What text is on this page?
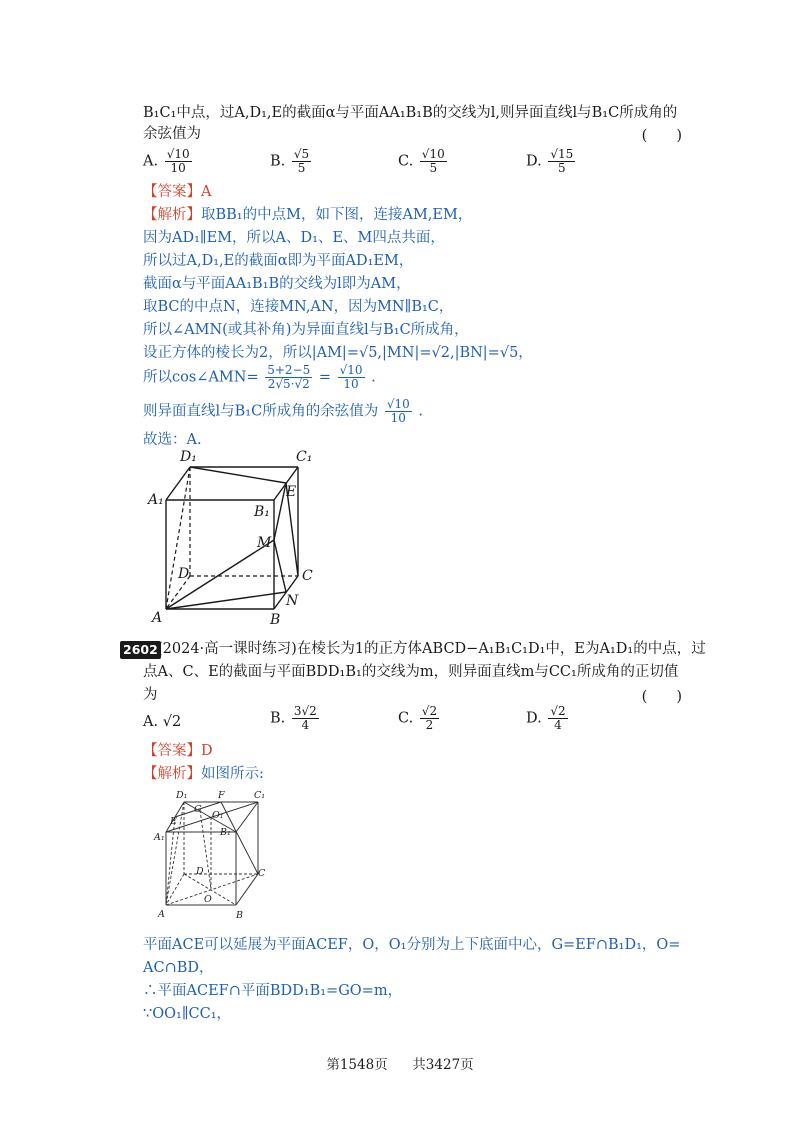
B₁C₁中点，过A,D₁,E的截面α与平面AA₁B₁B的交线为l,则异面直线l与B₁C所成角的
余弦值为	(　　)
A. $\frac{√10}{10}$	B. $\frac{√5}{5}$	C. $\frac{√10}{5}$	D. $\frac{√15}{5}$
【答案】A
【解析】取BB₁的中点M，如下图，连接AM,EM，
因为AD₁∥EM，所以A、D₁、E、M四点共面，
所以过A,D₁,E的截面α即为平面AD₁EM，
截面α与平面AA₁B₁B的交线为l即为AM，
取BC的中点N，连接MN,AN，因为MN∥B₁C，
所以∠AMN(或其补角)为异面直线l与B₁C所成角，
设正方体的棱长为2，所以|AM|=√5,|MN|=√2,|BN|=√5，
所以cos∠AMN= $\frac{5+2-5}{2√5\cdot√2} = \frac{√10}{10}$ .
则异面直线l与B₁C所成角的余弦值为 $\frac{√10}{10}$ .
故选：A.
D₁	C₁
A₁
B₁
E
M
D	C
N
A	B
2602 (2024·高一课时练习)在棱长为1的正方体ABCD−A₁B₁C₁D₁中，E为A₁D₁的中点，过
点A、C、E的截面与平面BDD₁B₁的交线为m，则异面直线m与CC₁所成角的正切值
为	(　　)
A. √2	B. $\frac{3√2}{4}$	C. $\frac{√2}{2}$	D. $\frac{√2}{4}$
【答案】D
【解析】如图所示:
D₁	F	C₁
G
O₁
E
B₁
A₁
D	C
O
A	B
平面ACE可以延展为平面ACEF，O，O₁分别为上下底面中心，G=EF∩B₁D₁，O=
AC∩BD，
∴平面ACEF∩平面BDD₁B₁=GO=m，
∵OO₁∥CC₁，
第1548页 共3427页
